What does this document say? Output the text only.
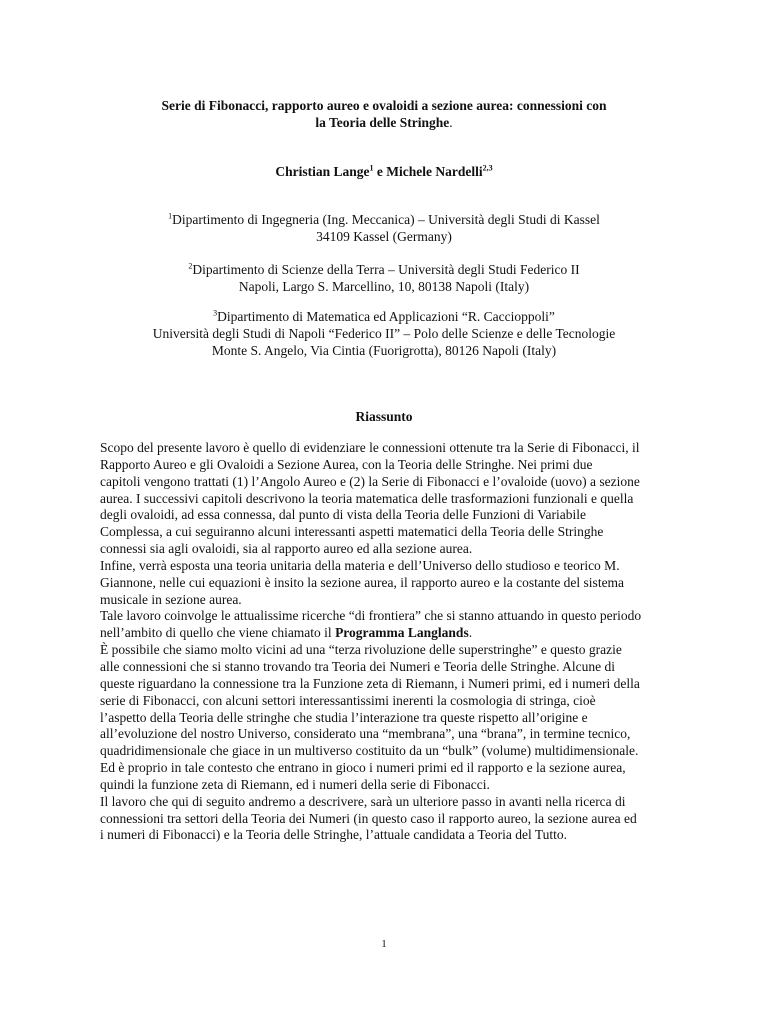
Serie di Fibonacci, rapporto aureo e ovaloidi a sezione aurea: connessioni con
la Teoria delle Stringhe.
Christian Lange$^1$ e Michele Nardelli$^{2,3}$
$^1$Dipartimento di Ingegneria (Ing. Meccanica) – Università degli Studi di Kassel
34109 Kassel (Germany)
$^2$Dipartimento di Scienze della Terra – Università degli Studi Federico II
Napoli, Largo S. Marcellino, 10, 80138 Napoli (Italy)
$^3$Dipartimento di Matematica ed Applicazioni “R. Caccioppoli”
Università degli Studi di Napoli “Federico II” – Polo delle Scienze e delle Tecnologie
Monte S. Angelo, Via Cintia (Fuorigrotta), 80126 Napoli (Italy)
Riassunto
Scopo del presente lavoro è quello di evidenziare le connessioni ottenute tra la Serie di Fibonacci, il
Rapporto Aureo e gli Ovaloidi a Sezione Aurea, con la Teoria delle Stringhe. Nei primi due
capitoli vengono trattati (1) l’Angolo Aureo e (2) la Serie di Fibonacci e l’ovaloide (uovo) a sezione
aurea. I successivi capitoli descrivono la teoria matematica delle trasformazioni funzionali e quella
degli ovaloidi, ad essa connessa, dal punto di vista della Teoria delle Funzioni di Variabile
Complessa, a cui seguiranno alcuni interessanti aspetti matematici della Teoria delle Stringhe
connessi sia agli ovaloidi, sia al rapporto aureo ed alla sezione aurea.
Infine, verrà esposta una teoria unitaria della materia e dell’Universo dello studioso e teorico M.
Giannone, nelle cui equazioni è insito la sezione aurea, il rapporto aureo e la costante del sistema
musicale in sezione aurea.
Tale lavoro coinvolge le attualissime ricerche “di frontiera” che si stanno attuando in questo periodo
nell’ambito di quello che viene chiamato il Programma Langlands.
È possibile che siamo molto vicini ad una “terza rivoluzione delle superstringhe” e questo grazie
alle connessioni che si stanno trovando tra Teoria dei Numeri e Teoria delle Stringhe. Alcune di
queste riguardano la connessione tra la Funzione zeta di Riemann, i Numeri primi, ed i numeri della
serie di Fibonacci, con alcuni settori interessantissimi inerenti la cosmologia di stringa, cioè
l’aspetto della Teoria delle stringhe che studia l’interazione tra queste rispetto all’origine e
all’evoluzione del nostro Universo, considerato una “membrana”, una “brana”, in termine tecnico,
quadridimensionale che giace in un multiverso costituito da un “bulk” (volume) multidimensionale.
Ed è proprio in tale contesto che entrano in gioco i numeri primi ed il rapporto e la sezione aurea,
quindi la funzione zeta di Riemann, ed i numeri della serie di Fibonacci.
Il lavoro che qui di seguito andremo a descrivere, sarà un ulteriore passo in avanti nella ricerca di
connessioni tra settori della Teoria dei Numeri (in questo caso il rapporto aureo, la sezione aurea ed
i numeri di Fibonacci) e la Teoria delle Stringhe, l’attuale candidata a Teoria del Tutto.
1
